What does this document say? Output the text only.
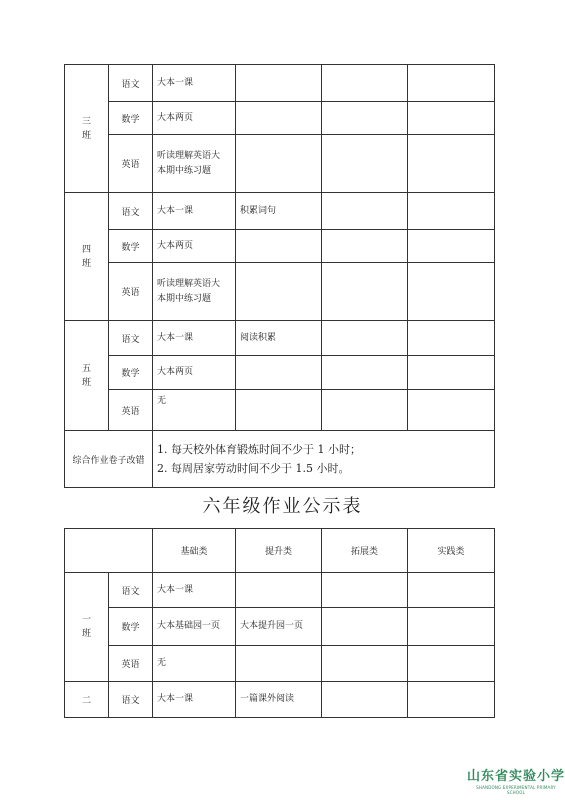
三
班	语文	大本一课			
	数学	大本两页			
	英语	听读理解英语大
本期中练习题			

四
班	语文	大本一课	积累词句		
	数学	大本两页			
	英语	听读理解英语大
本期中练习题			

五
班	语文	大本一课	阅读积累		
	数学	大本两页			
	英语	无			
综合作业卷子改错		1. 每天校外体育锻炼时间不少于 1 小时；
2. 每周居家劳动时间不少于 1.5 小时。			
六年级作业公示表
		基础类	提升类	拓展类	实践类

一
班	语文	大本一课			
	数学	大本基础园一页	大本提升园一页		
	英语	无			
二	语文	大本一课	一篇课外阅读		
山东省实验小学
SHANDONG EXPERIMENTAL PRIMARY SCHOOL
